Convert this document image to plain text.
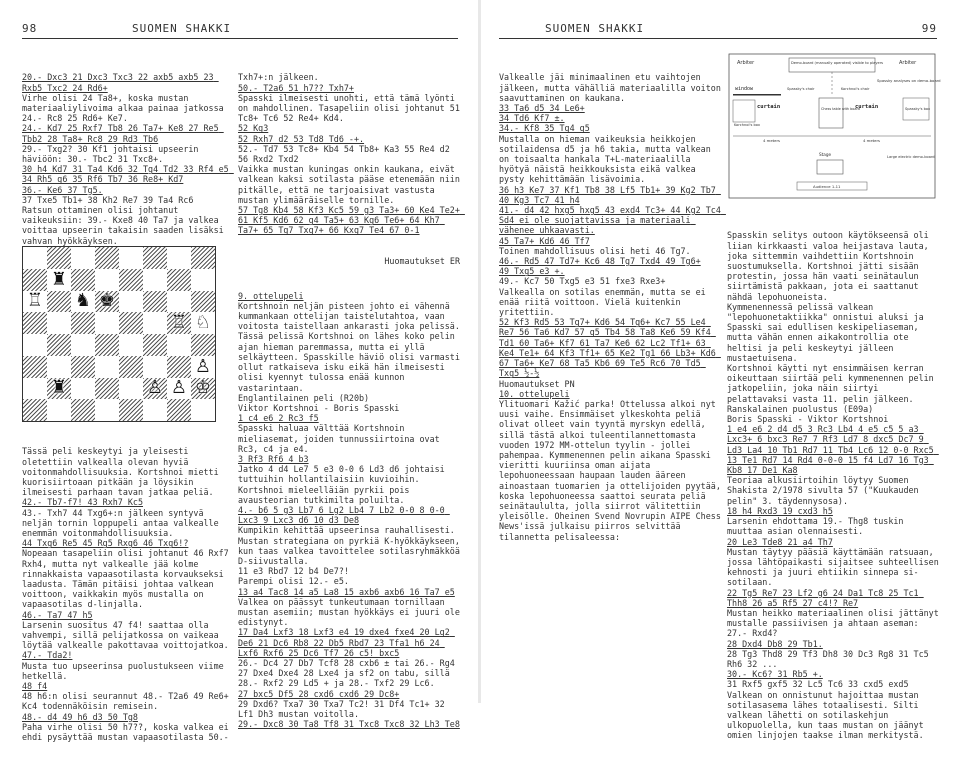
98	SUOMEN SHAKKI

20.- Dxc3 21 Dxc3 Txc3 22 axb5 axb5 23 Rxb5 Txc2 24 Rd6+

Virhe olisi 24 Ta8+, koska mustan materiaaliylivoima alkaa painaa jatkossa 24.- Rc8 25 Rd6+ Ke7.

24.- Kd7 25 Rxf7 Tb8 26 Ta7+ Ke8 27 Re5 Tbb2 28 Ta8+ Rc8 29 Rd3 Tb6

29.- Txg2? 30 Kf1 johtaisi upseerin häviöön: 30.- Tbc2 31 Txc8+.

30 h4 Kd7 31 Ta4 Kd6 32 Tg4 Td2 33 Rf4 e5 34 Rh5 g6 35 Rf6 Tb7 36 Re8+ Kd7

36.- Ke6 37 Tg5.

37 Txe5 Tb1+ 38 Kh2 Re7 39 Ta4 Rc6

Ratsun ottaminen olisi johtanut vaikeuksiin: 39.- Kxe8 40 Ta7 ja valkea voittaa upseerin takaisin saaden lisäksi vahvan hyökkäyksen.

♜
♖ ♞ ♚
♖ ♘
♙
♜	♙ ♙ ♔

Tässä peli keskeytyi ja yleisesti oletettiin valkealla olevan hyviä voitonmahdollisuuksia. Kortshnoi mietti kuorisiirtoaan pitkään ja löysikin ilmeisesti parhaan tavan jatkaa peliä.

42.- Tb7-f7! 43 Rxh7 Kc5

43.- Txh7 44 Txg6+:n jälkeen syntyvä neljän tornin loppupeli antaa valkealle enemmän voitonmahdollisuuksia.

44 Txg6 Re5 45 Rg5 Rxg6 46 Txg6!?

Nopeaan tasapeliin olisi johtanut 46 Rxf7 Rxh4, mutta nyt valkealle jää kolme rinnakkaista vapaasotilasta korvaukseksi laadusta. Tämän pitäisi johtaa valkean voittoon, vaikkakin myös mustalla on vapaasotilas d-linjalla.

46.- Ta7 47 h5

Larsenin suositus 47 f4! saattaa olla vahvempi, sillä pelijatkossa on vaikeaa löytää valkealle pakottavaa voittojatkoa.

47.- Tda2!

Musta tuo upseerinsa puolustukseen viime hetkellä.

48 f4

48 h6:n olisi seurannut 48.- T2a6 49 Re6+ Kc4 todennäköisin remisein.

48.- d4 49 h6 d3 50 Tg8

Paha virhe olisi 50 h7??, koska valkea ei ehdi pysäyttää mustan vapaasotilasta 50.-

Txh7+:n jälkeen.

50.- T2a6 51 h7?? Txh7+

Spasski ilmeisesti unohti, että tämä lyönti on mahdollinen. Tasapeliin olisi johtanut 51 Tc8+ Tc6 52 Re4+ Kd4.

52 Kg3

52 Rxh7 d2 53 Td8 Td6 -+.

52.- Td7 53 Tc8+ Kb4 54 Tb8+ Ka3 55 Re4 d2 56 Rxd2 Txd2

Vaikka mustan kuningas onkin kaukana, eivät valkean kaksi sotilasta pääse etenemään niin pitkälle, että ne tarjoaisivat vastusta mustan ylimääräiselle tornille.

57 Tg8 Kb4 58 Kf3 Kc5 59 g3 Ta3+ 60 Ke4 Te2+ 61 Kf5 Kd6 62 g4 Ta5+ 63 Kg6 Te6+ 64 Kh7 Ta7+ 65 Tg7 Txg7+ 66 Kxg7 Te4 67 0-1

Huomautukset ER

9. ottelupeli

Kortshnoin neljän pisteen johto ei vähennä kummankaan ottelijan taistelutahtoa, vaan voitosta taistellaan ankarasti joka pelissä. Tässä pelissä Kortshnoi on lähes koko pelin ajan hieman paremmassa, mutta ei yllä selkäytteen. Spasskille häviö olisi varmasti ollut ratkaiseva isku eikä hän ilmeisesti olisi kyennyt tulossa enää kunnon vastarintaan.

Englantilainen peli (R20b)

Viktor Kortshnoi - Boris Spasski

1 c4 e6 2 Rc3 f5

Spasski haluaa välttää Kortshnoin mieliasemat, joiden tunnussiirtoina ovat Rc3, c4 ja e4.

3 Rf3 Rf6 4 b3

Jatko 4 d4 Le7 5 e3 0-0 6 Ld3 d6 johtaisi tuttuihin hollantilaisiin kuvioihin. Kortshnoi mieleelläiän pyrkii pois avausteorian tutkimilta poluilta.

4.- b6 5 g3 Lb7 6 Lg2 Lb4 7 Lb2 0-0 8 0-0 Lxc3 9 Lxc3 d6 10 d3 De8

Kumpikin kehittää upseerinsa rauhallisesti. Mustan strategiana on pyrkiä K-hyökkäykseen, kun taas valkea tavoittelee sotilasryhmäkköä D-siivustalla.

11 e3 Rbd7 12 b4 De7?!

Parempi olisi 12.- e5.

13 a4 Tac8 14 a5 La8 15 axb6 axb6 16 Ta7 e5

Valkea on päässyt tunkeutumaan tornillaan mustan asemiin; mustan hyökkäys ei juuri ole edistynyt.

17 Da4 Lxf3 18 Lxf3 e4 19 dxe4 fxe4 20 Lg2 De6 21 Dc6 Rb8 22 Db5 Rbd7 23 Tfa1 h6 24 Lxf6 Rxf6 25 Dc6 Tf7 26 c5! bxc5

26.- Dc4 27 Db7 Tcf8 28 cxb6 ± tai 26.- Rg4 27 Dxe4 Dxe4 28 Lxe4 ja sf2 on tabu, sillä 28.- Rxf2 29 Ld5 + ja 28.- Txf2 29 Lc6.

27 bxc5 Df5 28 cxd6 cxd6 29 Dc8+

29 Dxd6? Txa7 30 Txa7 Tc2! 31 Df4 Tc1+ 32 Lf1 Dh3 mustan voitolla.

29.- Dxc8 30 Ta8 Tf8 31 Txc8 Txc8 32 Lh3 Te8

SUOMEN SHAKKI	99

Valkealle jäi minimaalinen etu vaihtojen jälkeen, mutta vähälliä materiaalilla voiton saavuttaminen on kaukana.

33 Ta6 d5 34 Le6+

34 Td6 Kf7 ±.

34.- Kf8 35 Tg4 g5

Mustalla on hieman vaikeuksia heikkojen sotilaidensa d5 ja h6 takia, mutta valkean on toisaalta hankala T+L-materiaalilla hyötyä näistä heikkouksista eikä valkea pysty kehittämään lisävoimia.

36 h3 Ke7 37 Kf1 Tb8 38 Lf5 Tb1+ 39 Kg2 Tb7 40 Kg3 Tc7 41 h4

41.- d4 42 hxg5 hxg5 43 exd4 Tc3+ 44 Kg2 Tc4 Sd4 ei ole suojattavissa ja materiaali vähenee uhkaavasti.

45 Ta7+ Kd6 46 Tf7

Toinen mahdollisuus olisi heti 46 Tg7.

46.- Rd5 47 Td7+ Kc6 48 Tg7 Txd4 49 Tg6+

49 Txg5 e3 +.

49.- Kc7 50 Txg5 e3 51 fxe3 Rxe3+

Valkealla on sotilas enemmän, mutta se ei enää riitä voittoon. Vielä kuitenkin yritettiin.

52 Kf3 Rd5 53 Tg7+ Kd6 54 Tg6+ Kc7 55 Le4 Re7 56 Ta6 Kd7 57 g5 Tb4 58 Ta8 Ke6 59 Kf4 Td1 60 Ta6+ Kf7 61 Ta7 Ke6 62 Lc2 Tf1+ 63 Ke4 Te1+ 64 Kf3 Tf1+ 65 Ke2 Tg1 66 Lb3+ Kd6 67 Ta6+ Ke7 68 Ta5 Kb6 69 Te5 Rc6 70 Td5 Txg5 ½-½

Huomautukset PN

10. ottelupeli

Ylituomari Kažić parka! Ottelussa alkoi nyt uusi vaihe. Ensimmäiset ylkeskohta peliä olivat olleet vain tyyntä myrskyn edellä, sillä tästä alkoi tuleentilannettomasta vuoden 1972 MM-ottelun tyylin - jollei pahempaa. Kymmenennen pelin aikana Spasski vieritti kuuriinsa oman aijata lepohuoneessaan haupaan lauden ääreen ainoastaan tuomarien ja ottelijoiden pyytää, koska lepohuoneessa saattoi seurata peliä seinätaululta, jolla siirrot välitettiin yleisölle. Oheinen Svend Novrupin AIPE Chess News'issä julkaisu piirros selvittää tilannetta pelisaleessa:

Arbiter	Arbiter
Demo-board (manually operated) visible to players
Spassky analyses on demo-board
window	Spassky's chair	Korchnoi's chair
Korchnoi's box
curtain	Chess table with board
curtain	Spassky's box
4 meters	4 meters
Stage	Large electric demo-board
Audience 1-11

Spasskin selitys outoon käytökseensä oli liian kirkkaasti valoa heijastava lauta, joka sittemmin vaihdettiin Kortshnoin suostumuksella. Kortshnoi jätti sisään protestin, jossa hän vaati seinätaulun siirtämistä pakkaan, jota ei saattanut nähdä lepohuoneista.

Kymmenennessä pelissä valkean "lepohuonetaktiikka" onnistui aluksi ja Spasski sai edullisen keskipeliaseman, mutta vähän ennen aikakontrollia ote heltisi ja peli keskeytyi jälleen mustaetuisena.

Kortshnoi käytti nyt ensimmäisen kerran oikeuttaan siirtää peli kymmenennen pelin jatkopeliin, joka näin siirtyi pelattavaksi vasta 11. pelin jälkeen.

Ranskalainen puolustus (E09a)

Boris Spasski - Viktor Kortshnoi

1 e4 e6 2 d4 d5 3 Rc3 Lb4 4 e5 c5 5 a3 Lxc3+ 6 bxc3 Re7 7 Rf3 Ld7 8 dxc5 Dc7 9 Ld3 La4 10 Tb1 Rd7 11 Tb4 Lc6 12 0-0 Rxc5 13 Te1 Rd7 14 Rd4 0-0-0 15 f4 Ld7 16 Tg3 Kb8 17 De1 Ka8

Teoriaa alkusiirtoihin löytyy Suomen Shakista 2/1978 sivulta 57 ("Kuukauden pelin" 3. täydennysosa).

18 h4 Rxd3 19 cxd3 h5

Larsenin ehdottama 19.- Thg8 tuskin muuttaa asian olennaisesti.

20 Le3 Tde8 21 a4 Th7

Mustan täytyy pääsiä käyttämään ratsuaan, jossa lähtöpaikasti sijaitsee suhteellisen kehnosti ja juuri ehtiikin sinnepa si-sotilaan.

22 Tg5 Re7 23 Lf2 g6 24 Da1 Tc8 25 Tc1 Thh8 26 a5 Rf5 27 c4!? Re7

Mustan heikko materiaalinen olisi jättänyt mustalle passiivisen ja ahtaan aseman: 27.- Rxd4?

28 Dxd4 Db8 29 Tb1.

28 Tg3 Thd8 29 Tf3 Dh8 30 Dc3 Rg8 31 Tc5 Rh6 32 ...

30.- Kc6? 31 Rb5 +.

31 Rxf5 gxf5 32 Lc5 Tc6 33 cxd5 exd5

Valkean on onnistunut hajoittaa mustan sotilasasema lähes totaalisesti. Silti valkean lähetti on sotilaskehjun ulkopuolella, kun taas mustan on jäänyt omien linjojen taakse ilman merkitystä.
